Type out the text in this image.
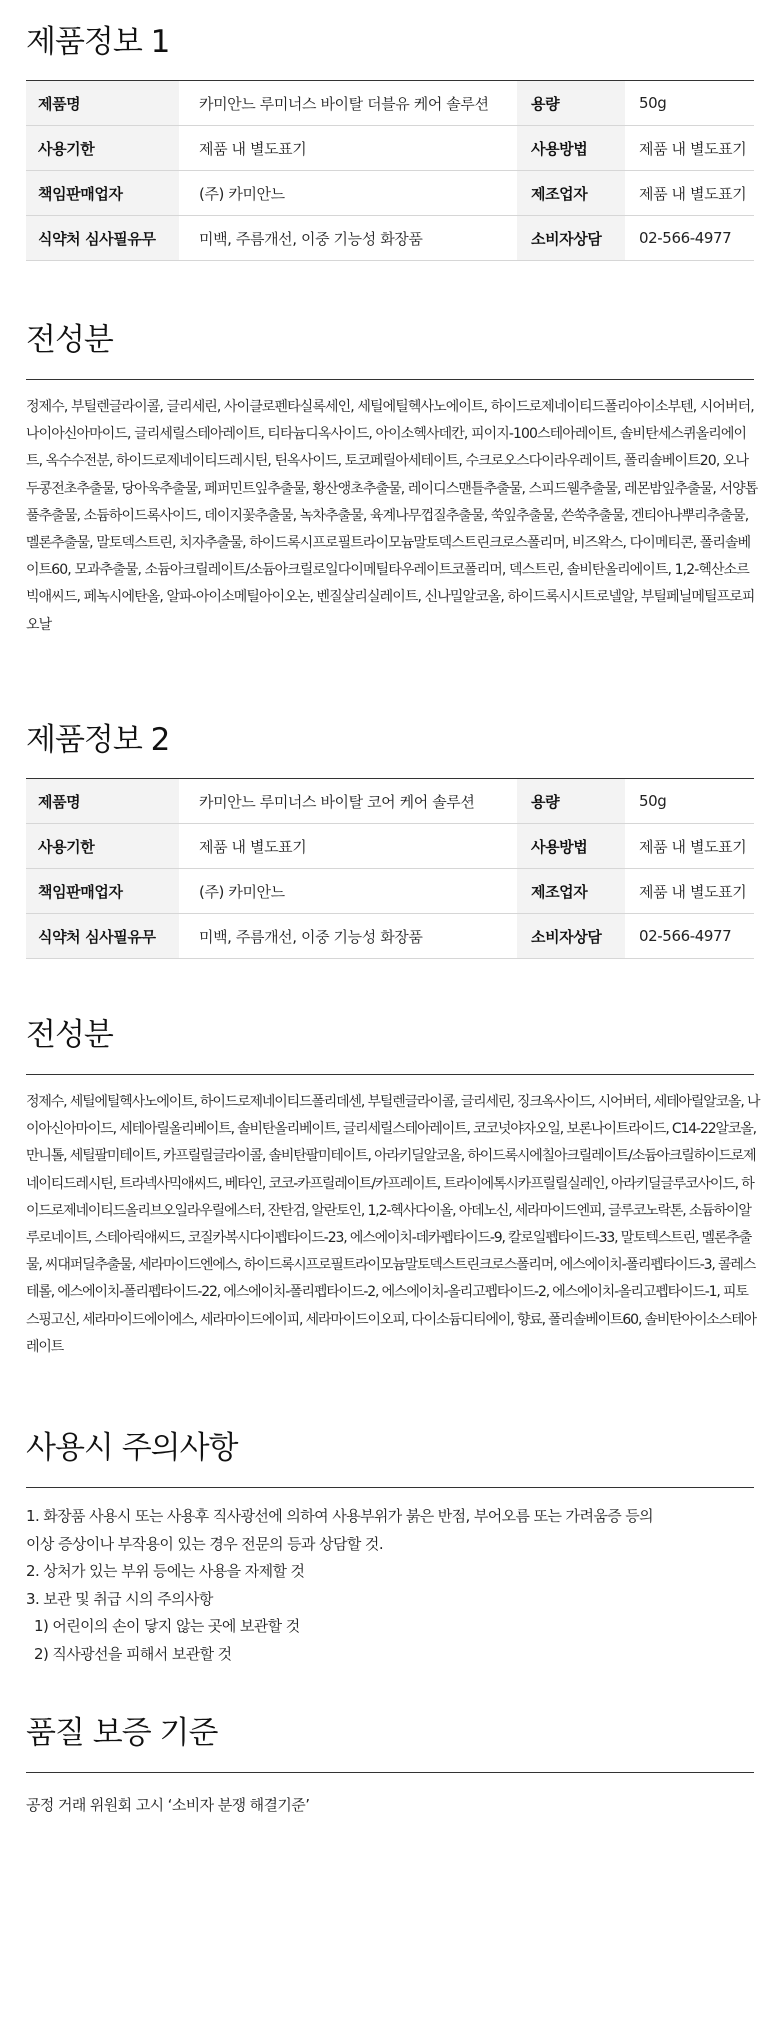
제품정보 1
제품명	카미안느 루미너스 바이탈 더블유 케어 솔루션	용량	50g
사용기한	제품 내 별도표기	사용방법	제품 내 별도표기
책임판매업자	(주) 카미안느	제조업자	제품 내 별도표기
식약처 심사필유무	미백, 주름개선, 이중 기능성 화장품	소비자상담	02-566-4977
전성분

정제수, 부틸렌글라이콜, 글리세린, 사이클로펜타실록세인, 세틸에틸헥사노에이트, 하이드로제네이티드폴리아이소부텐, 시어버터, 나이아신아마이드, 글리세릴스테아레이트, 티타늄디옥사이드, 아이소헥사데칸, 피이지-100스테아레이트, 솔비탄세스퀴올리에이트, 옥수수전분, 하이드로제네이티드레시틴, 틴옥사이드, 토코페릴아세테이트, 수크로오스다이라우레이트, 폴리솔베이트20, 오나두콩전초추출물, 당아욱추출물, 페퍼민트잎추출물, 황산앵초추출물, 레이디스맨틀추출물, 스피드웰추출물, 레몬밤잎추출물, 서양톱풀추출물, 소듐하이드록사이드, 데이지꽃추출물, 녹차추출물, 육계나무껍질추출물, 쑥잎추출물, 쓴쑥추출물, 겐티아나뿌리추출물, 멜론추출물, 말토덱스트린, 치자추출물, 하이드록시프로필트라이모늄말토덱스트린크로스폴리머, 비즈왁스, 다이메티콘, 폴리솔베이트60, 모과추출물, 소듐아크릴레이트/소듐아크릴로일다이메틸타우레이트코폴리머, 덱스트린, 솔비탄올리에이트, 1,2-헥산소르빅애씨드, 페녹시에탄올, 알파-아이소메틸아이오논, 벤질살리실레이트, 신나밀알코올, 하이드록시시트로넬알, 부틸페닐메틸프로피오날

제품정보 2
제품명	카미안느 루미너스 바이탈 코어 케어 솔루션	용량	50g
사용기한	제품 내 별도표기	사용방법	제품 내 별도표기
책임판매업자	(주) 카미안느	제조업자	제품 내 별도표기
식약처 심사필유무	미백, 주름개선, 이중 기능성 화장품	소비자상담	02-566-4977
전성분

정제수, 세틸에틸헥사노에이트, 하이드로제네이티드폴리데센, 부틸렌글라이콜, 글리세린, 징크옥사이드, 시어버터, 세테아릴알코올, 나이아신아마이드, 세테아릴올리베이트, 솔비탄올리베이트, 글리세릴스테아레이트, 코코넛야자오일, 보론나이트라이드, C14-22알코올, 만니톨, 세틸팔미테이트, 카프릴릴글라이콜, 솔비탄팔미테이트, 아라키딜알코올, 하이드록시에칠아크릴레이트/소듐아크릴하이드로제네이티드레시틴, 트라넥사믹애씨드, 베타인, 코코-카프릴레이트/카프레이트, 트라이에톡시카프릴릴실레인, 아라키딜글루코사이드, 하이드로제네이티드올리브오일라우릴에스터, 잔탄검, 알란토인, 1,2-헥사다이올, 아데노신, 세라마이드엔피, 글루코노락톤, 소듐하이알루로네이트, 스테아릭애씨드, 코질카복시다이펩타이드-23, 에스에이치-데카펩타이드-9, 칼로일펩타이드-33, 말토텍스트린, 멜론추출물, 씨대퍼딜추출물, 세라마이드엔에스, 하이드록시프로필트라이모늄말토덱스트린크로스폴리머, 에스에이치-폴리펩타이드-3, 콜레스테롤, 에스에이치-폴리펩타이드-22, 에스에이치-폴리펩타이드-2, 에스에이치-올리고펩타이드-2, 에스에이치-올리고펩타이드-1, 피토스핑고신, 세라마이드에이에스, 세라마이드에이피, 세라마이드이오피, 다이소듐디티에이, 향료, 폴리솔베이트60, 솔비탄아이소스테아레이트

사용시 주의사항
1. 화장품 사용시 또는 사용후 직사광선에 의하여 사용부위가 붉은 반점, 부어오름 또는 가려움증 등의
이상 증상이나 부작용이 있는 경우 전문의 등과 상담할 것.
2. 상처가 있는 부위 등에는 사용을 자제할 것
3. 보관 및 취급 시의 주의사항
1) 어린이의 손이 닿지 않는 곳에 보관할 것
2) 직사광선을 피해서 보관할 것
품질 보증 기준

공정 거래 위원회 고시 ‘소비자 분쟁 해결기준’
